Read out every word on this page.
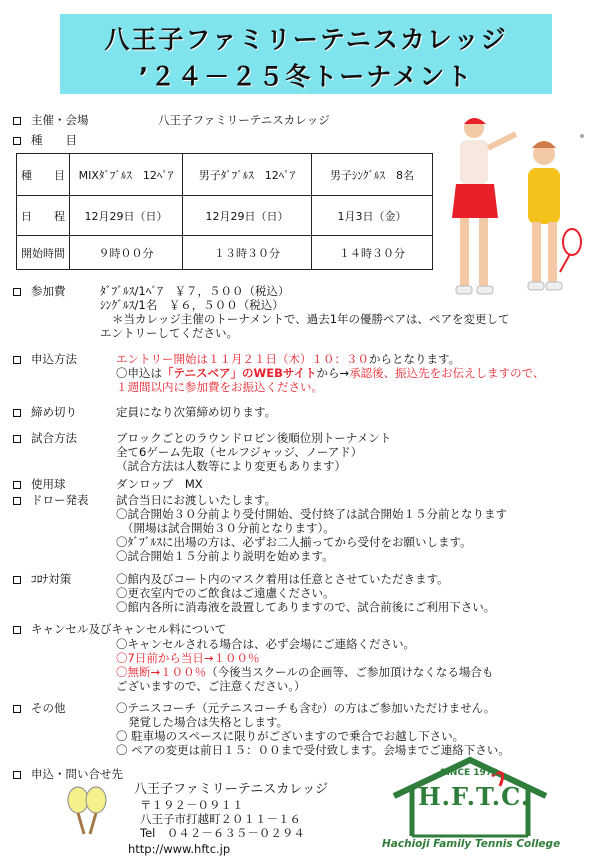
八王子ファミリーテニスカレッジ
’２４－２５冬トーナメント
主催・会場	八王子ファミリーテニスカレッジ
種　　目
種　　目	MIXﾀﾞﾌﾞﾙｽ　12ﾍﾟｱ	男子ﾀﾞﾌﾞﾙｽ　12ﾍﾟｱ	男子ｼﾝｸﾞﾙｽ　8名
日　　程	12月29日（日）	12月29日（日）	1月3日（金）
開始時間	９時００分	１３時３０分	１４時３０分
参加費	ﾀﾞﾌﾞﾙｽ/1ﾍﾟｱ　￥７，５００（税込）
ｼﾝｸﾞﾙｽ/1名　￥６，５００（税込）
＊当カレッジ主催のトーナメントで、過去1年の優勝ペアは、ペアを変更して
エントリーしてください。
申込方法	エントリー開始は１１月２１日（木）１０：３０からとなります。
〇申込は「テニスベア」のWEBサイトから→承認後、振込先をお伝えしますので、
１週間以内に参加費をお振込ください。
締め切り	定員になり次第締め切ります。
試合方法	ブロックごとのラウンドロビン後順位別トーナメント
全て6ゲーム先取（セルフジャッジ、ノーアド）
（試合方法は人数等により変更もあります）
使用球	ダンロップ　MX
ドロー発表 試合当日にお渡しいたします。
〇試合開始３０分前より受付開始、受付終了は試合開始１５分前となります
（開場は試合開始３０分前となります）。
〇ﾀﾞﾌﾞﾙｽに出場の方は、必ずお二人揃ってから受付をお願いします。
〇試合開始１５分前より説明を始めます。
ｺﾛﾅ対策	〇館内及びコート内のマスク着用は任意とさせていただきます。
〇更衣室内でのご飲食はご遠慮ください。
〇館内各所に消毒液を設置してありますので、試合前後にご利用下さい。
キャンセル及びキャンセル料について
〇キャンセルされる場合は、必ず会場にご連絡ください。
〇7日前から当日→１００％
〇無断→１００％（今後当スクールの企画等、ご参加頂けなくなる場合も
ございますので、ご注意ください。）
その他	〇テニスコーチ（元テニスコーチも含む）の方はご参加いただけません。
発覚した場合は失格とします。
〇 駐車場のスペースに限りがございますので乗合でお越し下さい。
〇 ペアの変更は前日１５：００まで受付致します。会場までご連絡下さい。
申込・問い合せ先
八王子ファミリーテニスカレッジ
〒１９２－０９１１
八王子市打越町２０１１－１６
Tel　０４２－６３５－０２９４
http://www.hftc.jp
SINCE 1972
H.F.T.C.
Hachioji Family Tennis College
